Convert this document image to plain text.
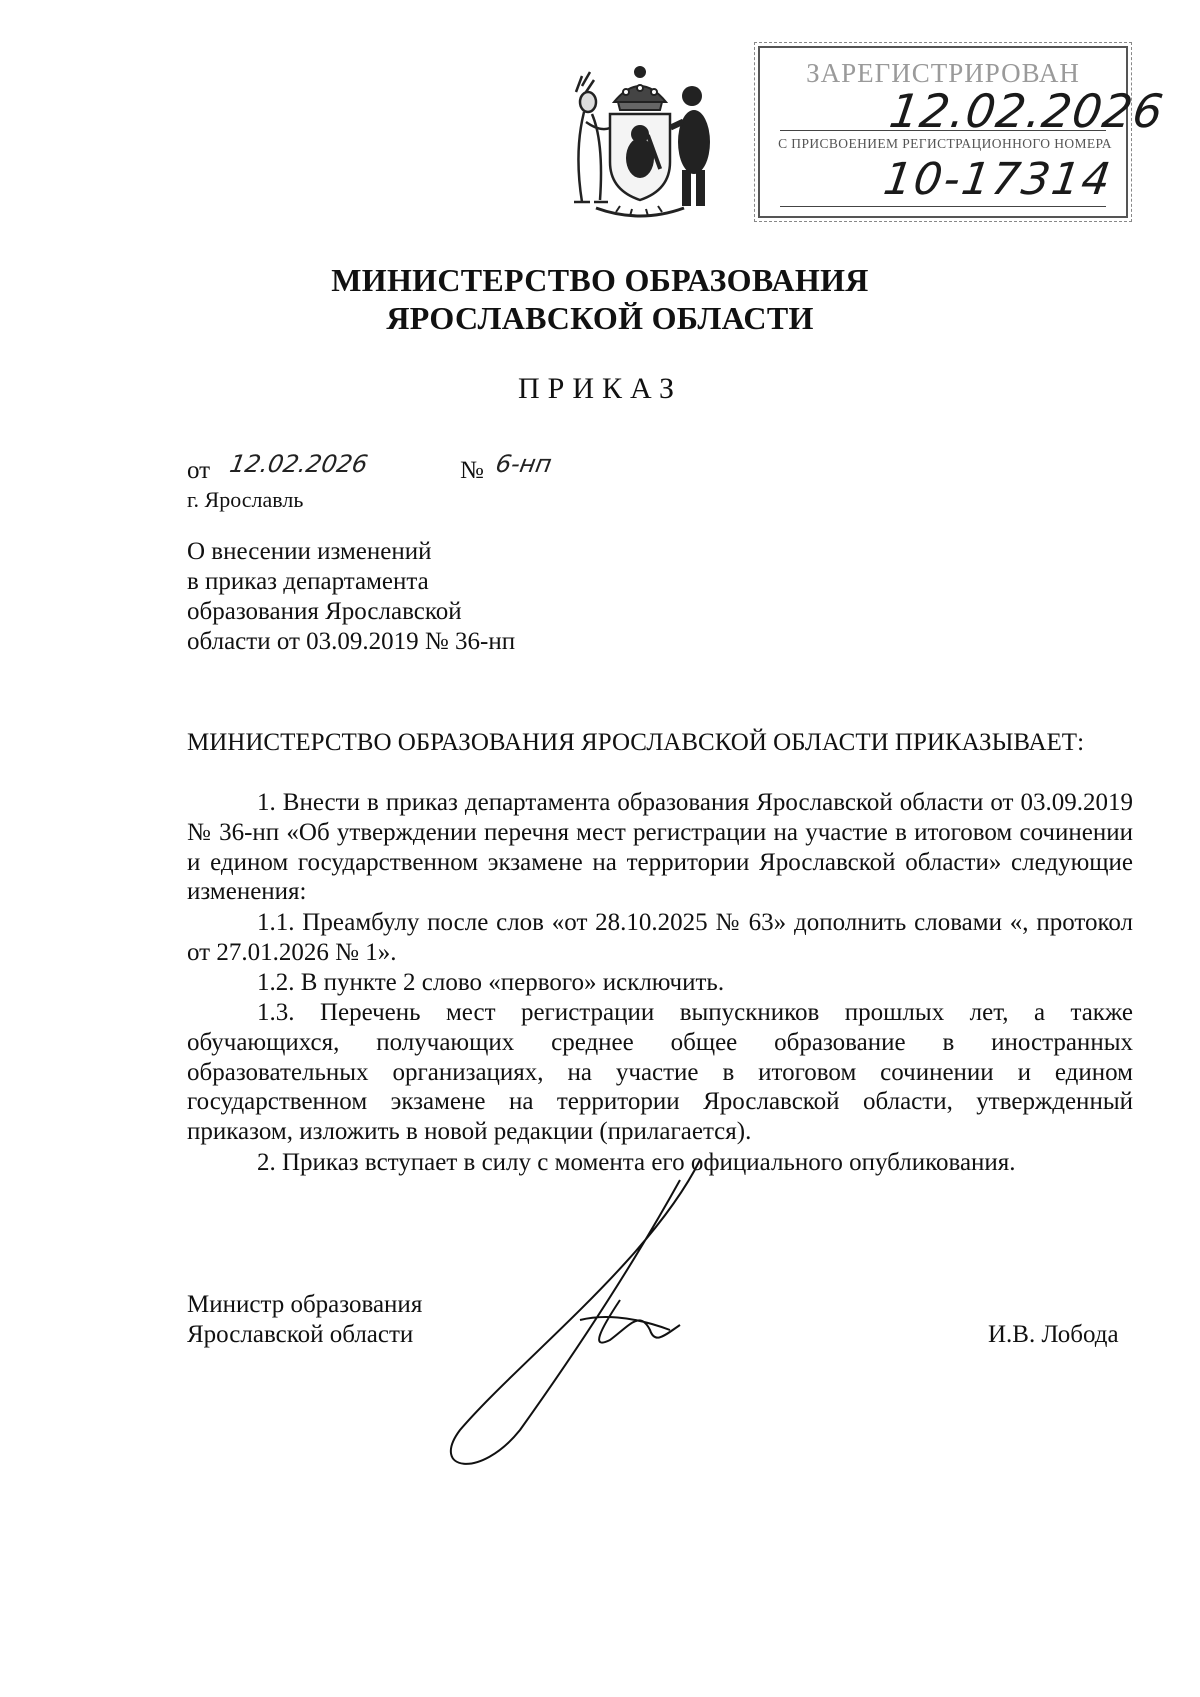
ЗАРЕГИСТРИРОВАН
12.02.2026
С ПРИСВОЕНИЕМ РЕГИСТРАЦИОННОГО НОМЕРА
10-17314
МИНИСТЕРСТВО ОБРАЗОВАНИЯ
ЯРОСЛАВСКОЙ ОБЛАСТИ
ПРИКАЗ
от 12.02.2026	№ 6-нп
г. Ярославль
О внесении изменений
в приказ департамента
образования Ярославской
области от 03.09.2019 № 36-нп

МИНИСТЕРСТВО ОБРАЗОВАНИЯ ЯРОСЛАВСКОЙ ОБЛАСТИ ПРИКАЗЫВАЕТ:

1. Внести в приказ департамента образования Ярославской области от 03.09.2019 № 36-нп «Об утверждении перечня мест регистрации на участие в итоговом сочинении и едином государственном экзамене на территории Ярославской области» следующие изменения:

1.1. Преамбулу после слов «от 28.10.2025 № 63» дополнить словами «, протокол от 27.01.2026 № 1».

1.2. В пункте 2 слово «первого» исключить.

1.3. Перечень мест регистрации выпускников прошлых лет, а также обучающихся, получающих среднее общее образование в иностранных образовательных организациях, на участие в итоговом сочинении и едином государственном экзамене на территории Ярославской области, утвержденный приказом, изложить в новой редакции (прилагается).

2. Приказ вступает в силу с момента его официального опубликования.

Министр образования
Ярославской области	И.В. Лобода
